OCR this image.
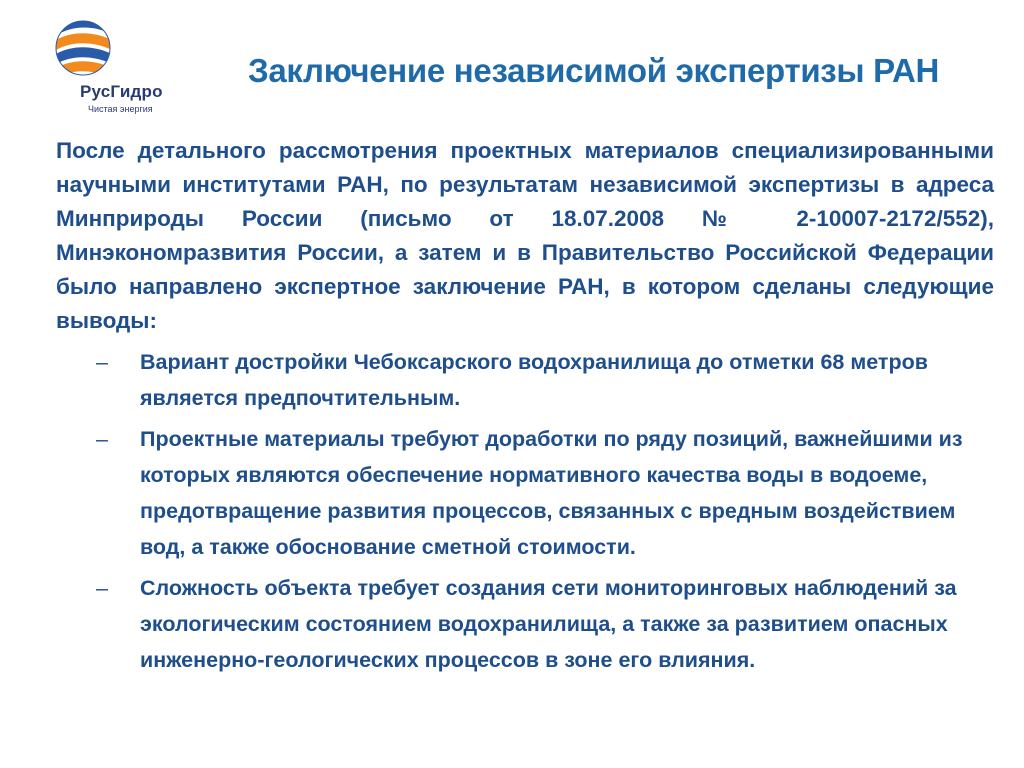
РусГидро
Чистая энергия
Заключение независимой экспертизы РАН

После детального рассмотрения проектных материалов специализированными научными институтами РАН, по результатам независимой экспертизы в адреса Минприроды России (письмо от 18.07.2008 № 2-10007-2172/552), Минэкономразвития России, а затем и в Правительство Российской Федерации было направлено экспертное заключение РАН, в котором сделаны следующие выводы:

– Вариант достройки Чебоксарского водохранилища до отметки 68 метров является предпочтительным.
– Проектные материалы требуют доработки по ряду позиций, важнейшими из которых являются обеспечение нормативного качества воды в водоеме, предотвращение развития процессов, связанных с вредным воздействием вод, а также обоснование сметной стоимости.
– Сложность объекта требует создания сети мониторинговых наблюдений за экологическим состоянием водохранилища, а также за развитием опасных инженерно-геологических процессов в зоне его влияния.
